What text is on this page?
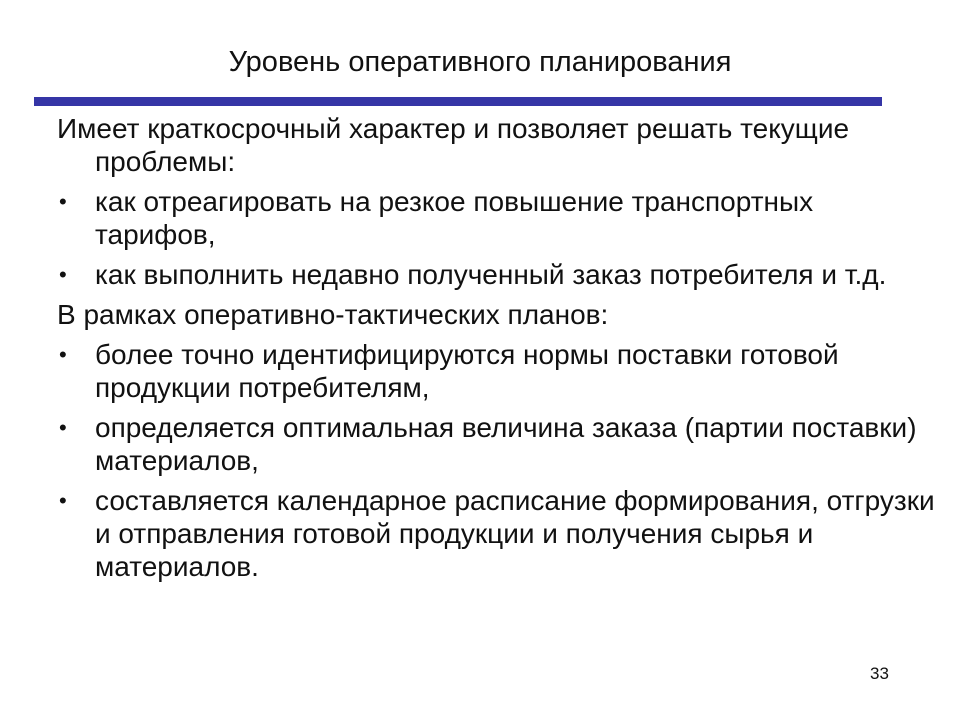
Уровень оперативного планирования

Имеет краткосрочный характер и позволяет решать текущие проблемы:

• как отреагировать на резкое повышение транспортных тарифов,
• как выполнить недавно полученный заказ потребителя и т.д.

В рамках оперативно-тактических планов:

• более точно идентифицируются нормы поставки готовой продукции потребителям,
• определяется оптимальная величина заказа (партии поставки) материалов,
• составляется календарное расписание формирования, отгрузки и отправления готовой продукции и получения сырья и материалов.
33
